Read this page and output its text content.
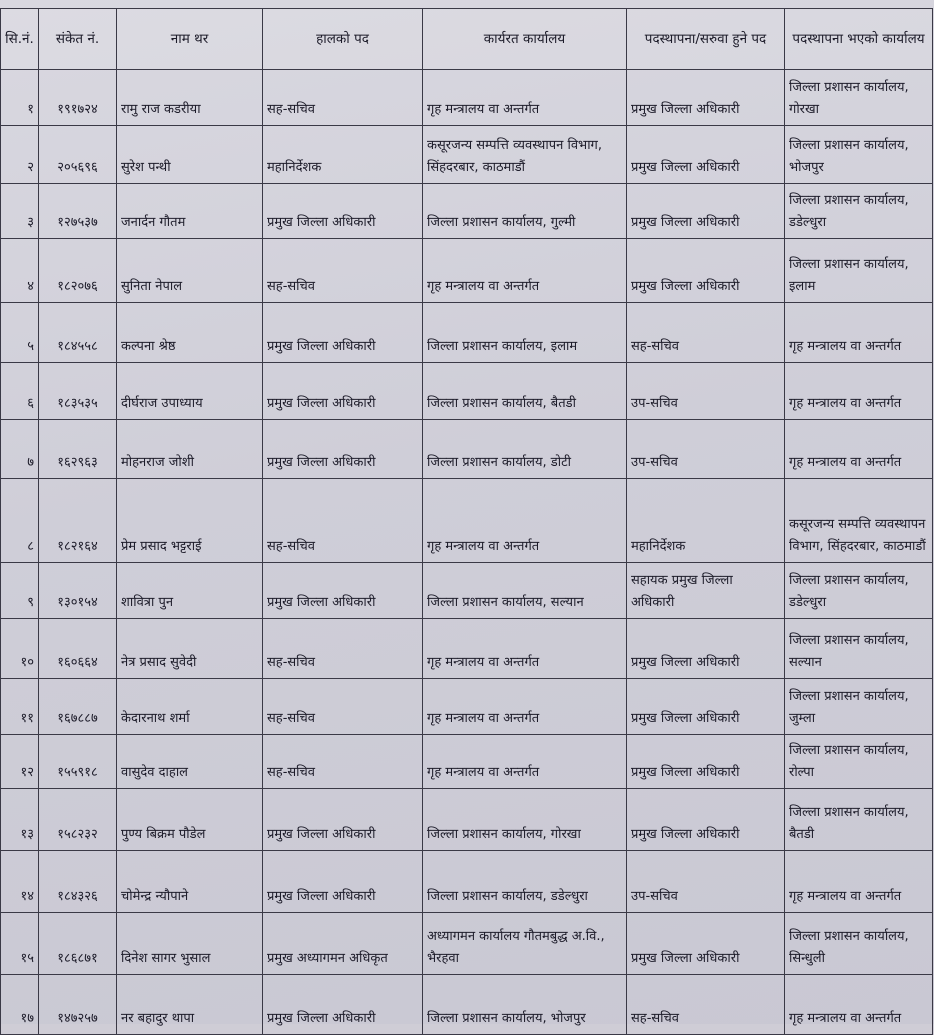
सि.नं.	संकेत नं.	नाम थर	हालको पद	कार्यरत कार्यालय	पदस्थापना/सरुवा हुने पद	पदस्थापना भएको कार्यालय
१	१९१७२४	रामु राज कडरीया	सह-सचिव	गृह मन्त्रालय वा अन्तर्गत	प्रमुख जिल्ला अधिकारी	जिल्ला प्रशासन कार्यालय, गोरखा
२	२०५६९६	सुरेश पन्थी	महानिर्देशक	कसूरजन्य सम्पत्ति व्यवस्थापन विभाग, सिंहदरबार, काठमाडौं	प्रमुख जिल्ला अधिकारी	जिल्ला प्रशासन कार्यालय, भोजपुर
३	१२७५३७	जनार्दन गौतम	प्रमुख जिल्ला अधिकारी	जिल्ला प्रशासन कार्यालय, गुल्मी	प्रमुख जिल्ला अधिकारी	जिल्ला प्रशासन कार्यालय, डडेल्धुरा
४	१८२०७६	सुनिता नेपाल	सह-सचिव	गृह मन्त्रालय वा अन्तर्गत	प्रमुख जिल्ला अधिकारी	जिल्ला प्रशासन कार्यालय, इलाम
५	१८४५५८	कल्पना श्रेष्ठ	प्रमुख जिल्ला अधिकारी	जिल्ला प्रशासन कार्यालय, इलाम	सह-सचिव	गृह मन्त्रालय वा अन्तर्गत
६	१८३५३५	दीर्घराज उपाध्याय	प्रमुख जिल्ला अधिकारी	जिल्ला प्रशासन कार्यालय, बैतडी	उप-सचिव	गृह मन्त्रालय वा अन्तर्गत
७	१६२९६३	मोहनराज जोशी	प्रमुख जिल्ला अधिकारी	जिल्ला प्रशासन कार्यालय, डोटी	उप-सचिव	गृह मन्त्रालय वा अन्तर्गत
८	१८२१६४	प्रेम प्रसाद भट्टराई	सह-सचिव	गृह मन्त्रालय वा अन्तर्गत	महानिर्देशक	कसूरजन्य सम्पत्ति व्यवस्थापन विभाग, सिंहदरबार, काठमाडौं
९	१३०१५४	शावित्रा पुन	प्रमुख जिल्ला अधिकारी	जिल्ला प्रशासन कार्यालय, सल्यान	सहायक प्रमुख जिल्ला अधिकारी	जिल्ला प्रशासन कार्यालय, डडेल्धुरा
१०	१६०६६४	नेत्र प्रसाद सुवेदी	सह-सचिव	गृह मन्त्रालय वा अन्तर्गत	प्रमुख जिल्ला अधिकारी	जिल्ला प्रशासन कार्यालय, सल्यान
११	१६७८८७	केदारनाथ शर्मा	सह-सचिव	गृह मन्त्रालय वा अन्तर्गत	प्रमुख जिल्ला अधिकारी	जिल्ला प्रशासन कार्यालय, जुम्ला
१२	१५५९१८	वासुदेव दाहाल	सह-सचिव	गृह मन्त्रालय वा अन्तर्गत	प्रमुख जिल्ला अधिकारी	जिल्ला प्रशासन कार्यालय, रोल्पा
१३	१५८२३२	पुण्य बिक्रम पौडेल	प्रमुख जिल्ला अधिकारी	जिल्ला प्रशासन कार्यालय, गोरखा	प्रमुख जिल्ला अधिकारी	जिल्ला प्रशासन कार्यालय, बैतडी
१४	१८४३२६	चोमेन्द्र न्यौपाने	प्रमुख जिल्ला अधिकारी	जिल्ला प्रशासन कार्यालय, डडेल्धुरा	उप-सचिव	गृह मन्त्रालय वा अन्तर्गत
१५	१८६८७१	दिनेश सागर भुसाल	प्रमुख अध्यागमन अधिकृत	अध्यागमन कार्यालय गौतमबुद्ध अ.वि., भैरहवा	प्रमुख जिल्ला अधिकारी	जिल्ला प्रशासन कार्यालय, सिन्धुली
१७	१४७२५७	नर बहादुर थापा	प्रमुख जिल्ला अधिकारी	जिल्ला प्रशासन कार्यालय, भोजपुर	सह-सचिव	गृह मन्त्रालय वा अन्तर्गत
